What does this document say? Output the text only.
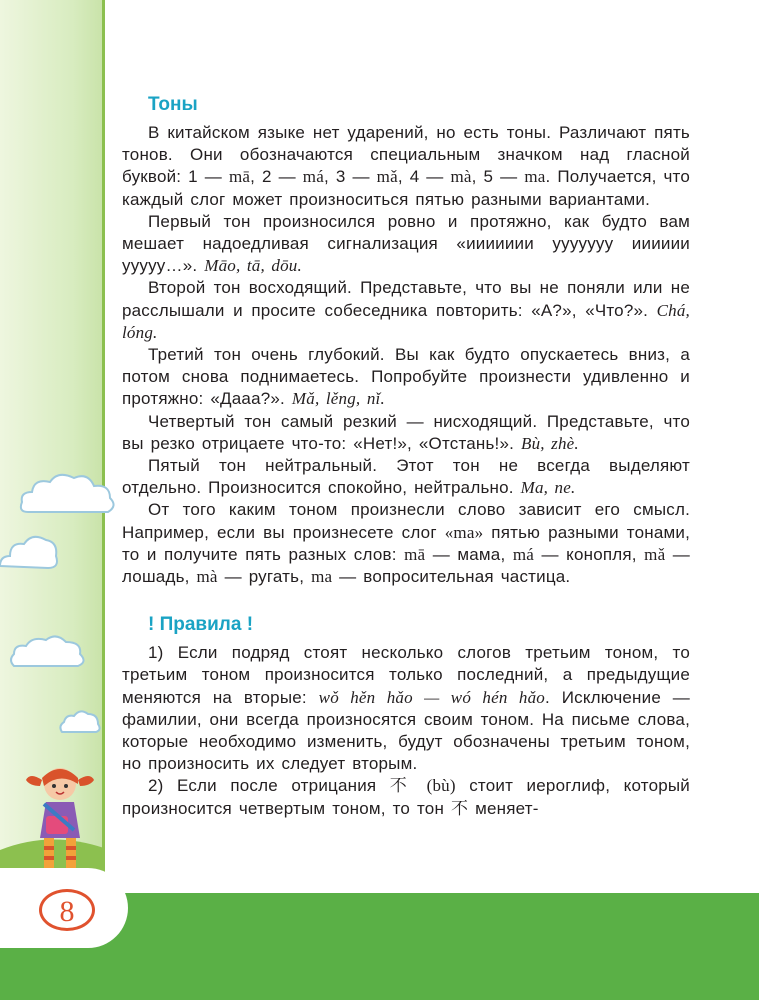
8
Тоны

В китайском языке нет ударений, но есть тоны. Различают пять тонов. Они обозначаются специальным значком над гласной буквой: 1 — mā, 2 — má, 3 — mǎ, 4 — mà, 5 — ma. Получается, что каждый слог может произноситься пятью разными вариантами.

Первый тон произносился ровно и протяжно, как будто вам мешает надоедливая сигнализация «иииииии ууууууу ииииии ууууу…». Māo, tā, dōu.

Второй тон восходящий. Представьте, что вы не поняли или не расслышали и просите собеседника повторить: «А?», «Что?». Chá, lóng.

Третий тон очень глубокий. Вы как будто опускаетесь вниз, а потом снова поднимаетесь. Попробуйте произнести удивленно и протяжно: «Дааа?». Mǎ, lěng, nǐ.

Четвертый тон самый резкий — нисходящий. Представьте, что вы резко отрицаете что-то: «Нет!», «Отстань!». Bù, zhè.

Пятый тон нейтральный. Этот тон не всегда выделяют отдельно. Произносится спокойно, нейтрально. Ma, ne.

От того каким тоном произнесли слово зависит его смысл. Например, если вы произнесете слог «ma» пятью разными тонами, то и получите пять разных слов: mā — мама, má — конопля, mǎ — лошадь, mà — ругать, ma — вопросительная частица.

! Правила !

1) Если подряд стоят несколько слогов третьим тоном, то третьим тоном произносится только последний, а предыдущие меняются на вторые: wǒ hěn hǎo — wó hén hǎo. Исключение — фамилии, они всегда произносятся своим тоном. На письме слова, которые необходимо изменить, будут обозначены третьим тоном, но произносить их следует вторым.

2) Если после отрицания 不 (bù) стоит иероглиф, который произносится четвертым тоном, то тон 不 меняет-
